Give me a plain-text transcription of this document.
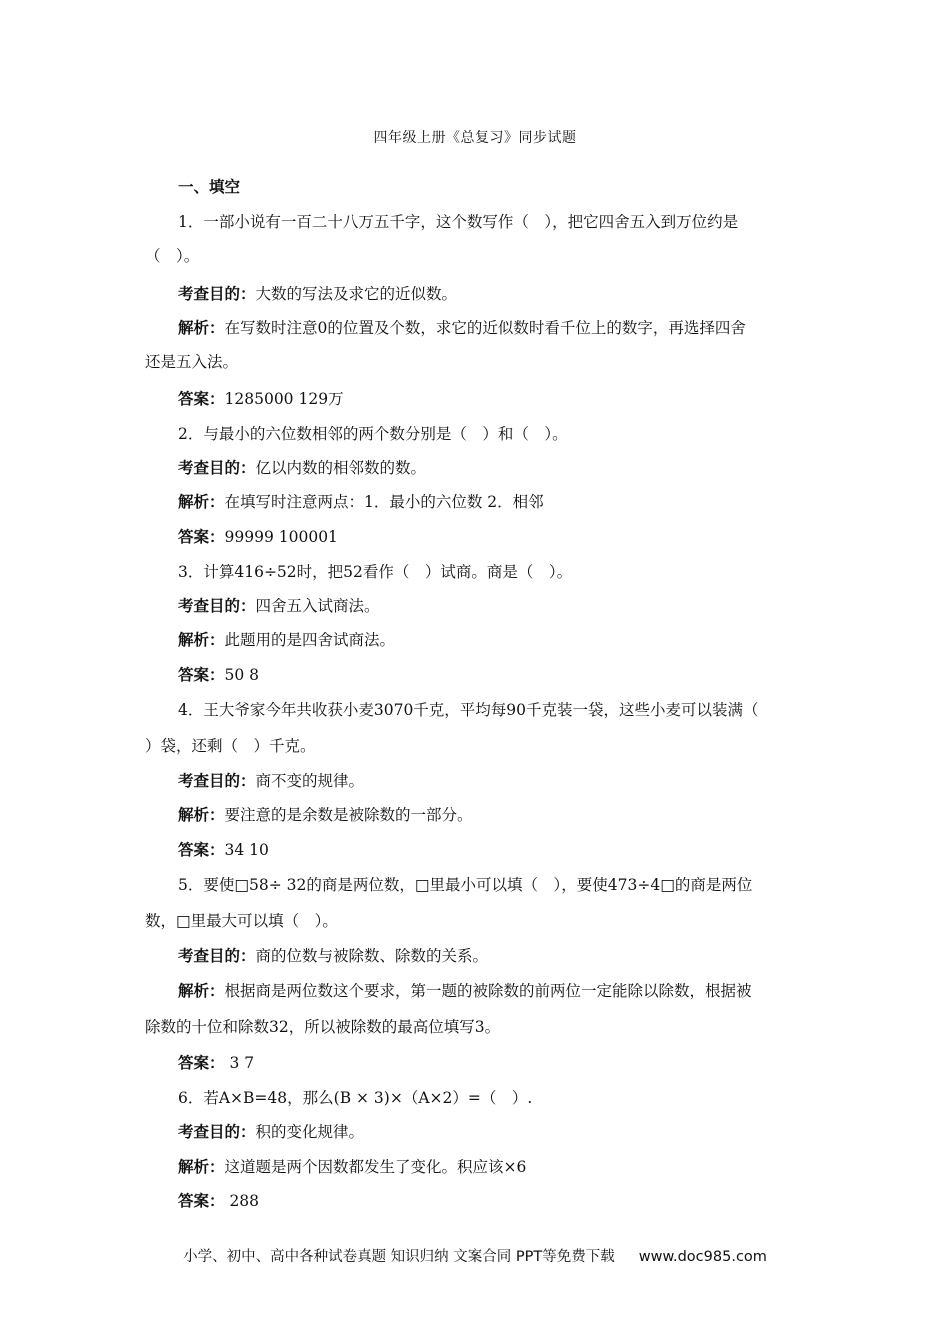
四年级上册《总复习》同步试题
一、填空
1．一部小说有一百二十八万五千字，这个数写作（　），把它四舍五入到万位约是
（　）。
考查目的：大数的写法及求它的近似数。
解析：在写数时注意0的位置及个数，求它的近似数时看千位上的数字，再选择四舍
还是五入法。
答案：1285000 129万
2．与最小的六位数相邻的两个数分别是（　）和（　）。
考查目的：亿以内数的相邻数的数。
解析：在填写时注意两点：1．最小的六位数 2．相邻
答案：99999 100001
3．计算416÷52时，把52看作（　）试商。商是（　）。
考查目的：四舍五入试商法。
解析：此题用的是四舍试商法。
答案：50 8
4．王大爷家今年共收获小麦3070千克，平均每90千克装一袋，这些小麦可以装满（
）袋，还剩（　）千克。
考查目的：商不变的规律。
解析：要注意的是余数是被除数的一部分。
答案：34 10
5．要使□58÷ 32的商是两位数，□里最小可以填（　），要使473÷4□的商是两位
数，□里最大可以填（　）。
考查目的：商的位数与被除数、除数的关系。
解析：根据商是两位数这个要求，第一题的被除数的前两位一定能除以除数，根据被
除数的十位和除数32，所以被除数的最高位填写3。
答案： 3 7
6．若A×B=48，那么(B × 3)×（A×2）=（　）.
考查目的：积的变化规律。
解析：这道题是两个因数都发生了变化。积应该×6
答案： 288
小学、初中、高中各种试卷真题 知识归纳 文案合同 PPT等免费下载 www.doc985.com
